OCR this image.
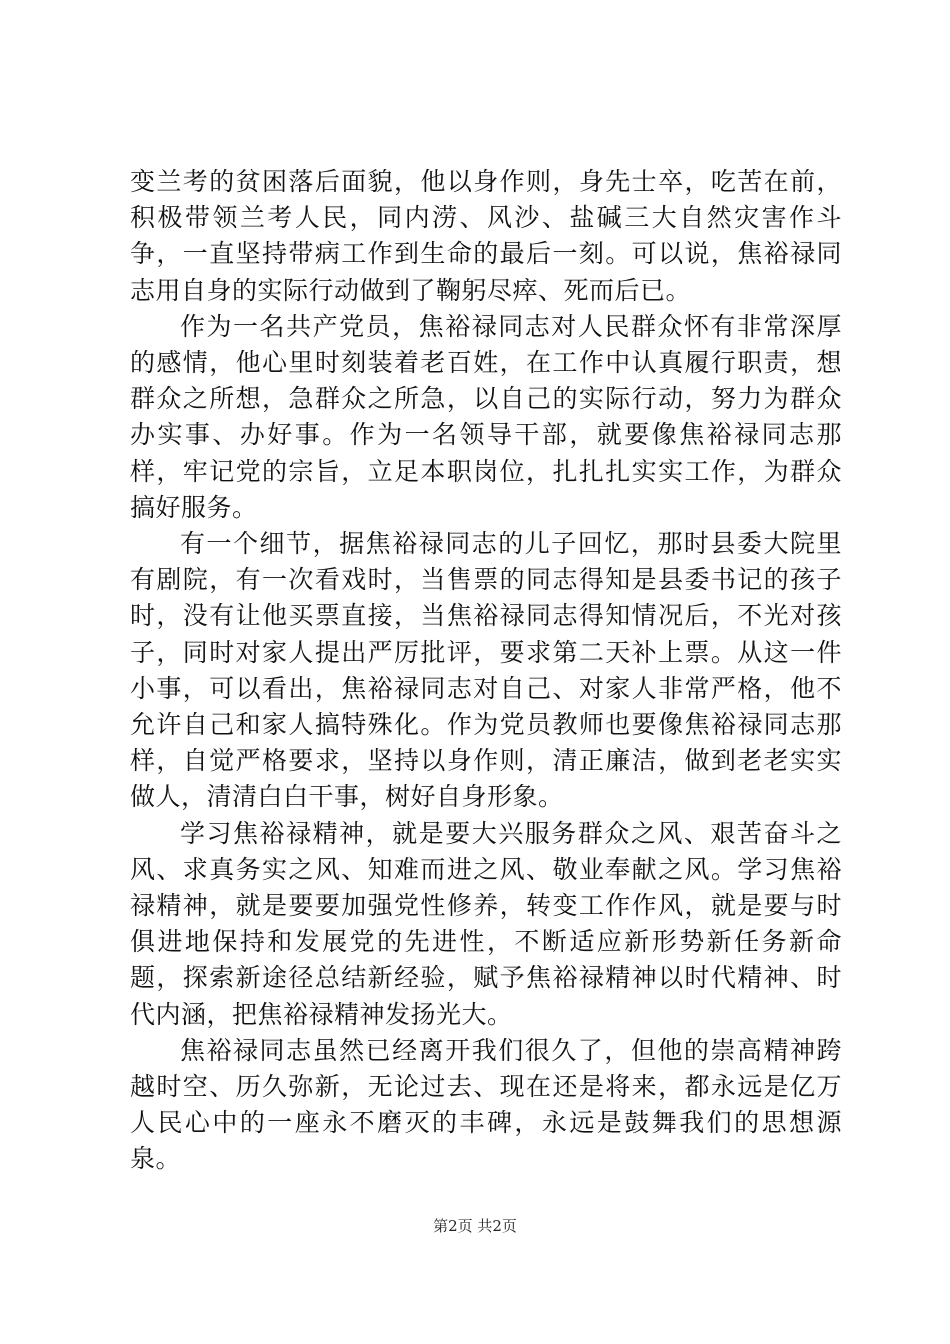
变兰考的贫困落后面貌，他以身作则，身先士卒，吃苦在前，积极带领兰考人民，同内涝、风沙、盐碱三大自然灾害作斗争，一直坚持带病工作到生命的最后一刻。可以说，焦裕禄同志用自身的实际行动做到了鞠躬尽瘁、死而后已。

作为一名共产党员，焦裕禄同志对人民群众怀有非常深厚的感情，他心里时刻装着老百姓，在工作中认真履行职责，想群众之所想，急群众之所急，以自己的实际行动，努力为群众办实事、办好事。作为一名领导干部，就要像焦裕禄同志那样，牢记党的宗旨，立足本职岗位，扎扎扎实实工作，为群众搞好服务。

有一个细节，据焦裕禄同志的儿子回忆，那时县委大院里有剧院，有一次看戏时，当售票的同志得知是县委书记的孩子时，没有让他买票直接，当焦裕禄同志得知情况后，不光对孩子，同时对家人提出严厉批评，要求第二天补上票。从这一件小事，可以看出，焦裕禄同志对自己、对家人非常严格，他不允许自己和家人搞特殊化。作为党员教师也要像焦裕禄同志那样，自觉严格要求，坚持以身作则，清正廉洁，做到老老实实做人，清清白白干事，树好自身形象。

学习焦裕禄精神，就是要大兴服务群众之风、艰苦奋斗之风、求真务实之风、知难而进之风、敬业奉献之风。学习焦裕禄精神，就是要要加强党性修养，转变工作作风，就是要与时俱进地保持和发展党的先进性，不断适应新形势新任务新命题，探索新途径总结新经验，赋予焦裕禄精神以时代精神、时代内涵，把焦裕禄精神发扬光大。

焦裕禄同志虽然已经离开我们很久了，但他的崇高精神跨越时空、历久弥新，无论过去、现在还是将来，都永远是亿万人民心中的一座永不磨灭的丰碑，永远是鼓舞我们的思想源泉。

第2页 共2页
